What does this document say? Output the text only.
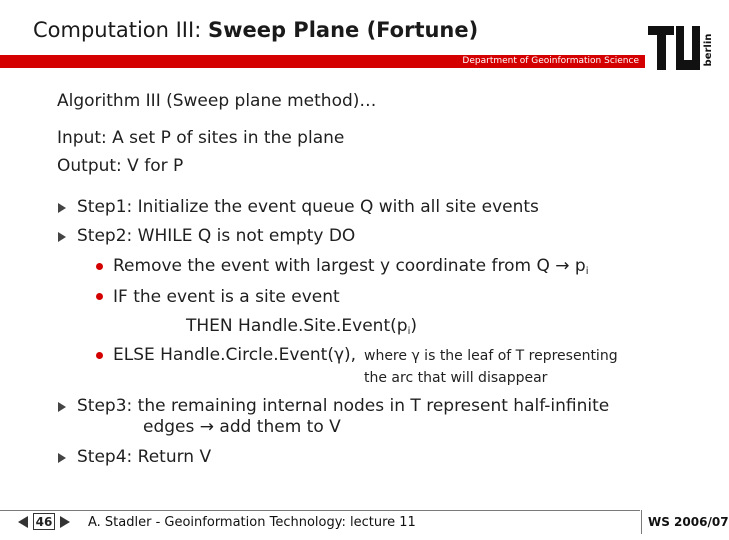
Computation III: Sweep Plane (Fortune)
Department of Geoinformation Science	berlin
Algorithm III (Sweep plane method)…
Input: A set P of sites in the plane
Output: V for P
Step1: Initialize the event queue Q with all site events
Step2: WHILE Q is not empty DO
Remove the event with largest y coordinate from $Q \to p_i$
IF the event is a site event
THEN $Handle.Site.Event(p_i)$
ELSE Handle.Circle.Event(γ), where γ is the leaf of T representing
the arc that will disappear
Step3: the remaining internal nodes in T represent half-infinite
edges → add them to V
Step4: Return V
46	A. Stadler - Geoinformation Technology: lecture 11	WS 2006/07
